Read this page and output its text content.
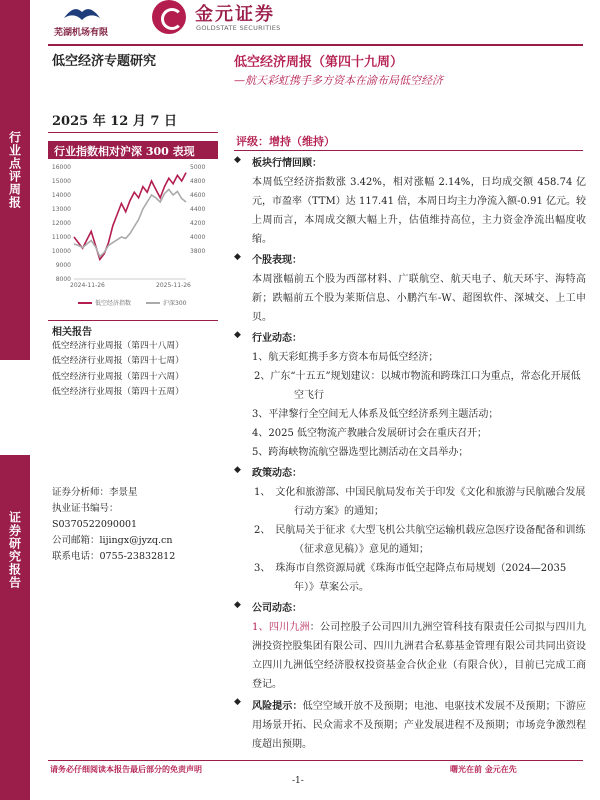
行业点评周报
证券研究报告
芜湖机场有限
金元证券
GOLDSTATE SECURITIES
低空经济专题研究
2025 年 12 月 7 日
低空经济周报（第四十九周）
—航天彩虹携手多方资本在渝布局低空经济
评级：增持（维持）
行业指数相对沪深 300 表现
16000
15000
14000
13000
12000
11000
10000
9000
8000
5000
4800
4600
4400
4200
4000
3800
2024-11-26	2025-11-26
低空经济指数	沪深300
相关报告
低空经济行业周报（第四十八周）
低空经济行业周报（第四十七周）
低空经济行业周报（第四十六周）
低空经济行业周报（第四十五周）
证券分析师：李景星
执业证书编号：
S0370522090001
公司邮箱：lijingx@jyzq.cn
联系电话：0755-23832812
◆ 板块行情回顾：
本周低空经济指数涨 3.42%，相对涨幅 2.14%，日均成交额 458.74 亿元，市盈率（TTM）达 117.41 倍，本周日均主力净流入额-0.91 亿元。较上周而言，本周成交额大幅上升，估值维持高位，主力资金净流出幅度收缩。
◆ 个股表现：
本周涨幅前五个股为西部材料、广联航空、航天电子、航天环宇、海特高新；跌幅前五个股为莱斯信息、小鹏汽车-W、超图软件、深城交、上工申贝。
◆ 行业动态：
1、航天彩虹携手多方资本布局低空经济；
2、广东“十五五”规划建议：以城市物流和跨珠江口为重点，常态化开展低空飞行
3、平津黎行全空间无人体系及低空经济系列主题活动；
4、2025 低空物流产教融合发展研讨会在重庆召开；
5、跨海峡物流航空器选型比测活动在文昌举办；
◆ 政策动态：
1、　文化和旅游部、中国民航局发布关于印发《文化和旅游与民航融合发展行动方案》的通知；
2、　民航局关于征求《大型飞机公共航空运输机载应急医疗设备配备和训练（征求意见稿）》意见的通知；
3、　珠海市自然资源局就《珠海市低空起降点布局规划（2024—2035 年）》草案公示。
◆ 公司动态：
1、四川九洲：公司控股子公司四川九洲空管科技有限责任公司拟与四川九洲投资控股集团有限公司、四川九洲君合私募基金管理有限公司共同出资设立四川九洲低空经济股权投资基金合伙企业（有限合伙），目前已完成工商登记。
◆ 风险提示：低空空域开放不及预期；电池、电驱技术发展不及预期；下游应用场景开拓、民众需求不及预期；产业发展进程不及预期；市场竞争激烈程度超出预期。
请务必仔细阅读本报告最后部分的免责声明	曙光在前 金元在先
-1-
